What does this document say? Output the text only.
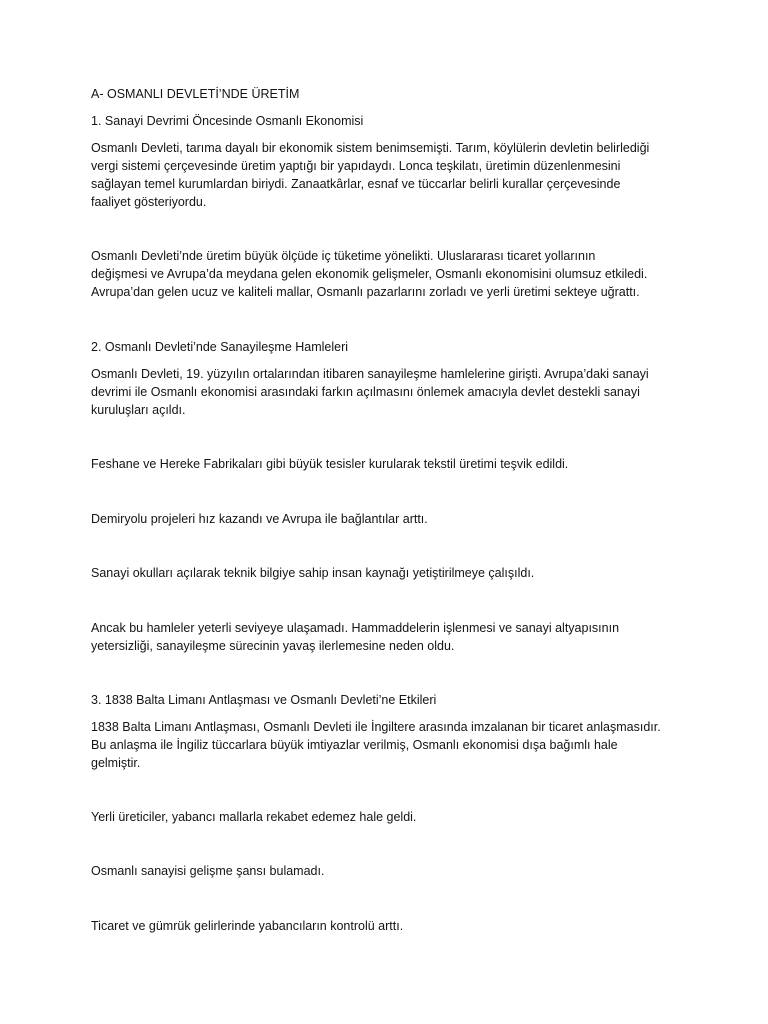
A- OSMANLI DEVLETİ’NDE ÜRETİM

1. Sanayi Devrimi Öncesinde Osmanlı Ekonomisi

Osmanlı Devleti, tarıma dayalı bir ekonomik sistem benimsemişti. Tarım, köylülerin devletin belirlediği

vergi sistemi çerçevesinde üretim yaptığı bir yapıdaydı. Lonca teşkilatı, üretimin düzenlenmesini

sağlayan temel kurumlardan biriydi. Zanaatkârlar, esnaf ve tüccarlar belirli kurallar çerçevesinde

faaliyet gösteriyordu.

Osmanlı Devleti’nde üretim büyük ölçüde iç tüketime yönelikti. Uluslararası ticaret yollarının

değişmesi ve Avrupa’da meydana gelen ekonomik gelişmeler, Osmanlı ekonomisini olumsuz etkiledi.

Avrupa’dan gelen ucuz ve kaliteli mallar, Osmanlı pazarlarını zorladı ve yerli üretimi sekteye uğrattı.

2. Osmanlı Devleti’nde Sanayileşme Hamleleri

Osmanlı Devleti, 19. yüzyılın ortalarından itibaren sanayileşme hamlelerine girişti. Avrupa’daki sanayi

devrimi ile Osmanlı ekonomisi arasındaki farkın açılmasını önlemek amacıyla devlet destekli sanayi

kuruluşları açıldı.

Feshane ve Hereke Fabrikaları gibi büyük tesisler kurularak tekstil üretimi teşvik edildi.

Demiryolu projeleri hız kazandı ve Avrupa ile bağlantılar arttı.

Sanayi okulları açılarak teknik bilgiye sahip insan kaynağı yetiştirilmeye çalışıldı.

Ancak bu hamleler yeterli seviyeye ulaşamadı. Hammaddelerin işlenmesi ve sanayi altyapısının

yetersizliği, sanayileşme sürecinin yavaş ilerlemesine neden oldu.

3. 1838 Balta Limanı Antlaşması ve Osmanlı Devleti’ne Etkileri

1838 Balta Limanı Antlaşması, Osmanlı Devleti ile İngiltere arasında imzalanan bir ticaret anlaşmasıdır.

Bu anlaşma ile İngiliz tüccarlara büyük imtiyazlar verilmiş, Osmanlı ekonomisi dışa bağımlı hale

gelmiştir.

Yerli üreticiler, yabancı mallarla rekabet edemez hale geldi.

Osmanlı sanayisi gelişme şansı bulamadı.

Ticaret ve gümrük gelirlerinde yabancıların kontrolü arttı.
